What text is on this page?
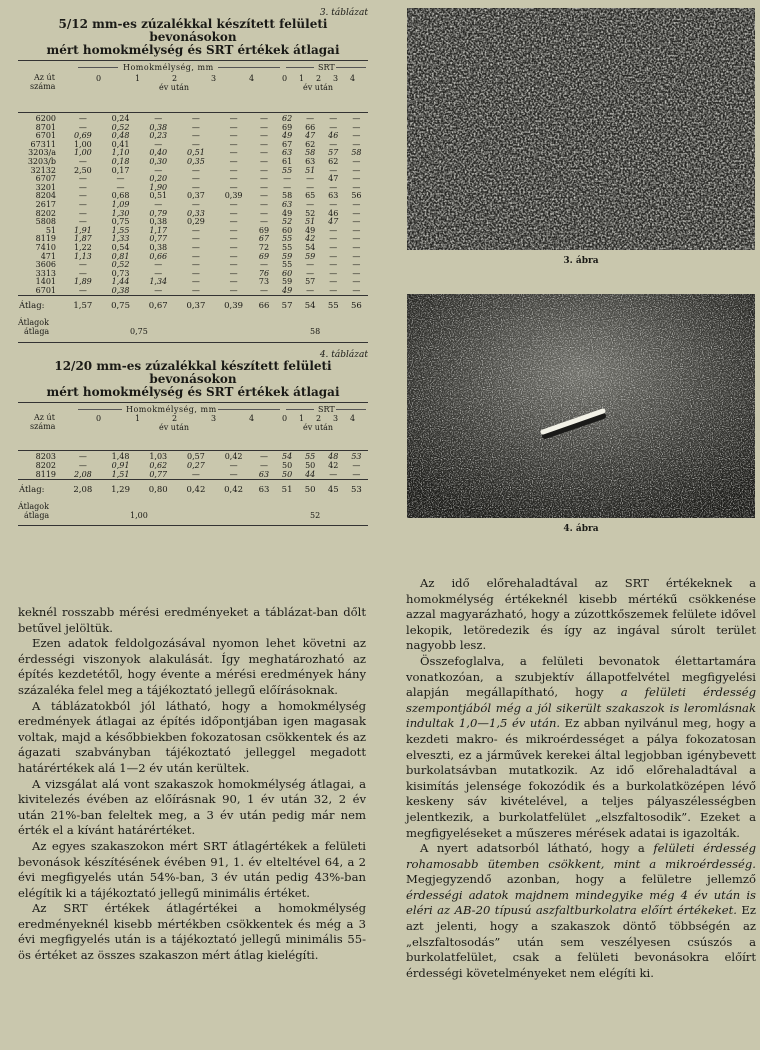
3. táblázat
5/12 mm-es zúzalékkal készített felületi bevonásokon
mért homokmélység és SRT értékek átlagai
Az út
száma
Homokmélység, mm	SRT
0	1	2	3	4	0 1 2 3 4
év után	év után
6200	—	0,24	—	—	—	—	62	—	—	—
8701	—	0,52	0,38	—	—	—	69	66	—	—
6701	0,69	0,48	0,23	—	—	—	49	47	46	—
67311	1,00	0,41	—	—	—	—	67	62	—	—
3203/a	1,00	1,10	0,40	0,51	—	—	63	58	57	58
3203/b	—	0,18	0,30	0,35	—	—	61	63	62	—
32132	2,50	0,17	—	—	—	—	55	51	—	—
6707	—	—	0,20	—	—	—	—	—	47	—
3201	—	—	1,90	—	—	—	—	—	—	—
8204	—	0,68	0,51	0,37	0,39	—	58	65	63	56
2617	—	1,09	—	—	—	—	63	—	—	—
8202	—	1,30	0,79	0,33	—	—	49	52	46	—
5808	—	0,75	0,38	0,29	—	—	52	51	47	—
51	1,91	1,55	1,17	—	—	69	60	49	—	—
8119	1,87	1,33	0,77	—	—	67	55	42	—	—
7410	1,22	0,54	0,38	—	—	72	55	54	—	—
471	1,13	0,81	0,66	—	—	69	59	59	—	—
3606	—	0,52	—	—	—	—	55	—	—	—
3313	—	0,73	—	—	—	76	60	—	—	—
1401	1,89	1,44	1,34	—	—	73	59	57	—	—
6701	—	0,38	—	—	—	—	49	—	—	—
Átlag:	1,57	0,75	0,67	0,37	0,39	66	57	54	55	56
Átlagok
átlaga	0,75	58
4. táblázat
12/20 mm-es zúzalékkal készített felületi bevonásokon
mért homokmélység és SRT értékek átlagai
Az út
száma
Homokmélység, mm	SRT
0	1	2	3	4	0 1 2 3 4
év után	év után
8203	—	1,48	1,03	0,57	0,42	—	54	55	48	53
8202	—	0,91	0,62	0,27	—	—	50	50	42	—
8119	2,08	1,51	0,77	—	—	63	50	44	—	—
Átlag:	2,08	1,29	0,80	0,42	0,42	63	51	50	45	53
Átlagok
átlaga	1,00	52

keknél rosszabb mérési eredményeket a táblázat-ban dőlt betűvel jelöltük.

Ezen adatok feldolgozásával nyomon lehet követni az érdességi viszonyok alakulását. Így meghatározható az építés kezdetétől, hogy évente a mérési eredmények hány százaléka felel meg a tájékoztató jellegű előírásoknak.

A táblázatokból jól látható, hogy a homokmélység eredmények átlagai az építés időpontjában igen magasak voltak, majd a későbbiekben fokozatosan csökkentek és az ágazati szabványban tájékoztató jelleggel megadott határértékek alá 1—2 év után kerültek.

A vizsgálat alá vont szakaszok homokmélység átlagai, a kivitelezés évében az előírásnak 90, 1 év után 32, 2 év után 21%-ban feleltek meg, a 3 év után pedig már nem érték el a kívánt határértéket.

Az egyes szakaszokon mért SRT átlagértékek a felületi bevonások készítésének évében 91, 1. év elteltével 64, a 2 évi megfigyelés után 54%-ban, 3 év után pedig 43%-ban elégítik ki a tájékoztató jellegű minimális értéket.

Az SRT értékek átlagértékei a homokmélység eredményeknél kisebb mértékben csökkentek és még a 3 évi megfigyelés után is a tájékoztató jellegű minimális 55-ös értéket az összes szakaszon mért átlag kielégíti.

3. ábra
4. ábra

Az idő előrehaladtával az SRT értékeknek a homokmélység értékeknél kisebb mértékű csökkenése azzal magyarázható, hogy a zúzottkőszemek felülete idővel lekopik, letöredezik és így az ingával súrolt terület nagyobb lesz.

Összefoglalva, a felületi bevonatok élettartamára vonatkozóan, a szubjektív állapotfelvétel megfigyelési alapján megállapítható, hogy a felületi érdesség szempontjából még a jól sikerült szakaszok is leromlásnak indultak 1,0—1,5 év után. Ez abban nyilvánul meg, hogy a kezdeti makro- és mikroérdességet a pálya fokozatosan elveszti, ez a járművek kerekei által legjobban igénybevett burkolatsávban mutatkozik. Az idő előrehaladtával a kisimítás jelensége fokozódik és a burkolatközépen lévő keskeny sáv kivételével, a teljes pályaszélességben jelentkezik, a burkolatfelület „elszfaltosodik”. Ezeket a megfigyeléseket a műszeres mérések adatai is igazolták.

A nyert adatsorból látható, hogy a felületi érdesség rohamosabb ütemben csökkent, mint a mikroérdesség. Megjegyzendő azonban, hogy a felületre jellemző érdességi adatok majdnem mindegyike még 4 év után is eléri az AB-20 típusú aszfaltburkolatra előírt értékeket. Ez azt jelenti, hogy a szakaszok döntő többségén az „elszfaltosodás” után sem veszélyesen csúszós a burkolatfelület, csak a felületi bevonásokra előírt érdességi követelményeket nem elégíti ki.
